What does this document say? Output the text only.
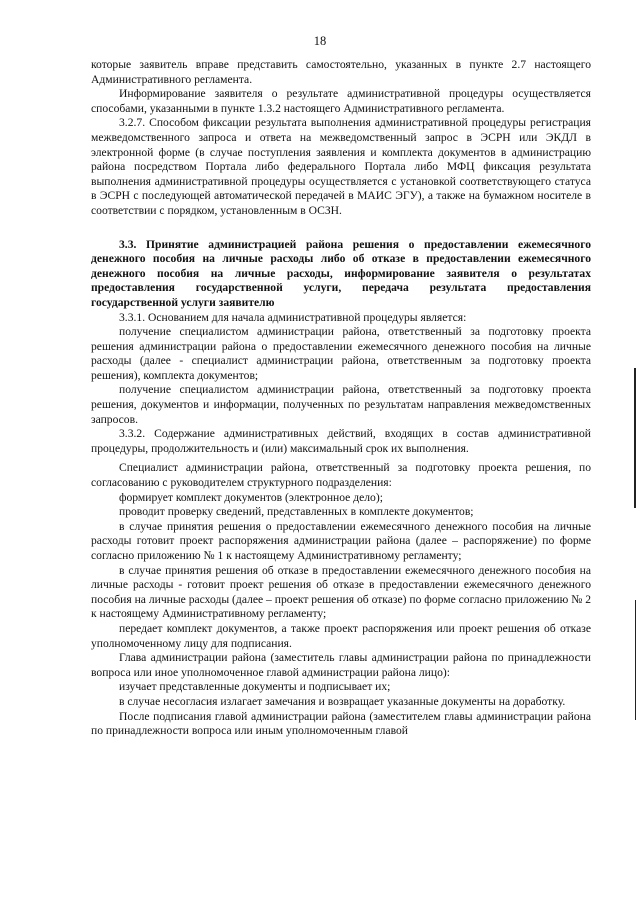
18

которые заявитель вправе представить самостоятельно, указанных в пункте 2.7 настоящего Административного регламента.

Информирование заявителя о результате административной процедуры осуществляется способами, указанными в пункте 1.3.2 настоящего Административного регламента.

3.2.7. Способом фиксации результата выполнения административной процедуры регистрация межведомственного запроса и ответа на межведомственный запрос в ЭСРН или ЭКДЛ в электронной форме (в случае поступления заявления и комплекта документов в администрацию района посредством Портала либо федерального Портала либо МФЦ фиксация результата выполнения административной процедуры осуществляется с установкой соответствующего статуса в ЭСРН с последующей автоматической передачей в МАИС ЭГУ), а также на бумажном носителе в соответствии с порядком, установленным в ОСЗН.

3.3. Принятие администрацией района решения о предоставлении ежемесячного денежного пособия на личные расходы либо об отказе в предоставлении ежемесячного денежного пособия на личные расходы, информирование заявителя о результатах предоставления государственной услуги, передача результата предоставления государственной услуги заявителю

3.3.1. Основанием для начала административной процедуры является:

получение специалистом администрации района, ответственный за подготовку проекта решения администрации района о предоставлении ежемесячного денежного пособия на личные расходы (далее - специалист администрации района, ответственным за подготовку проекта решения), комплекта документов;

получение специалистом администрации района, ответственный за подготовку проекта решения, документов и информации, полученных по результатам направления межведомственных запросов.

3.3.2. Содержание административных действий, входящих в состав административной процедуры, продолжительность и (или) максимальный срок их выполнения.

Специалист администрации района, ответственный за подготовку проекта решения, по согласованию с руководителем структурного подразделения:

формирует комплект документов (электронное дело);

проводит проверку сведений, представленных в комплекте документов;

в случае принятия решения о предоставлении ежемесячного денежного пособия на личные расходы готовит проект распоряжения администрации района (далее – распоряжение) по форме согласно приложению № 1 к настоящему Административному регламенту;

в случае принятия решения об отказе в предоставлении ежемесячного денежного пособия на личные расходы - готовит проект решения об отказе в предоставлении ежемесячного денежного пособия на личные расходы (далее – проект решения об отказе) по форме согласно приложению № 2 к настоящему Административному регламенту;

передает комплект документов, а также проект распоряжения или проект решения об отказе уполномоченному лицу для подписания.

Глава администрации района (заместитель главы администрации района по принадлежности вопроса или иное уполномоченное главой администрации района лицо):

изучает представленные документы и подписывает их;

в случае несогласия излагает замечания и возвращает указанные документы на доработку.

После подписания главой администрации района (заместителем главы администрации района по принадлежности вопроса или иным уполномоченным главой
